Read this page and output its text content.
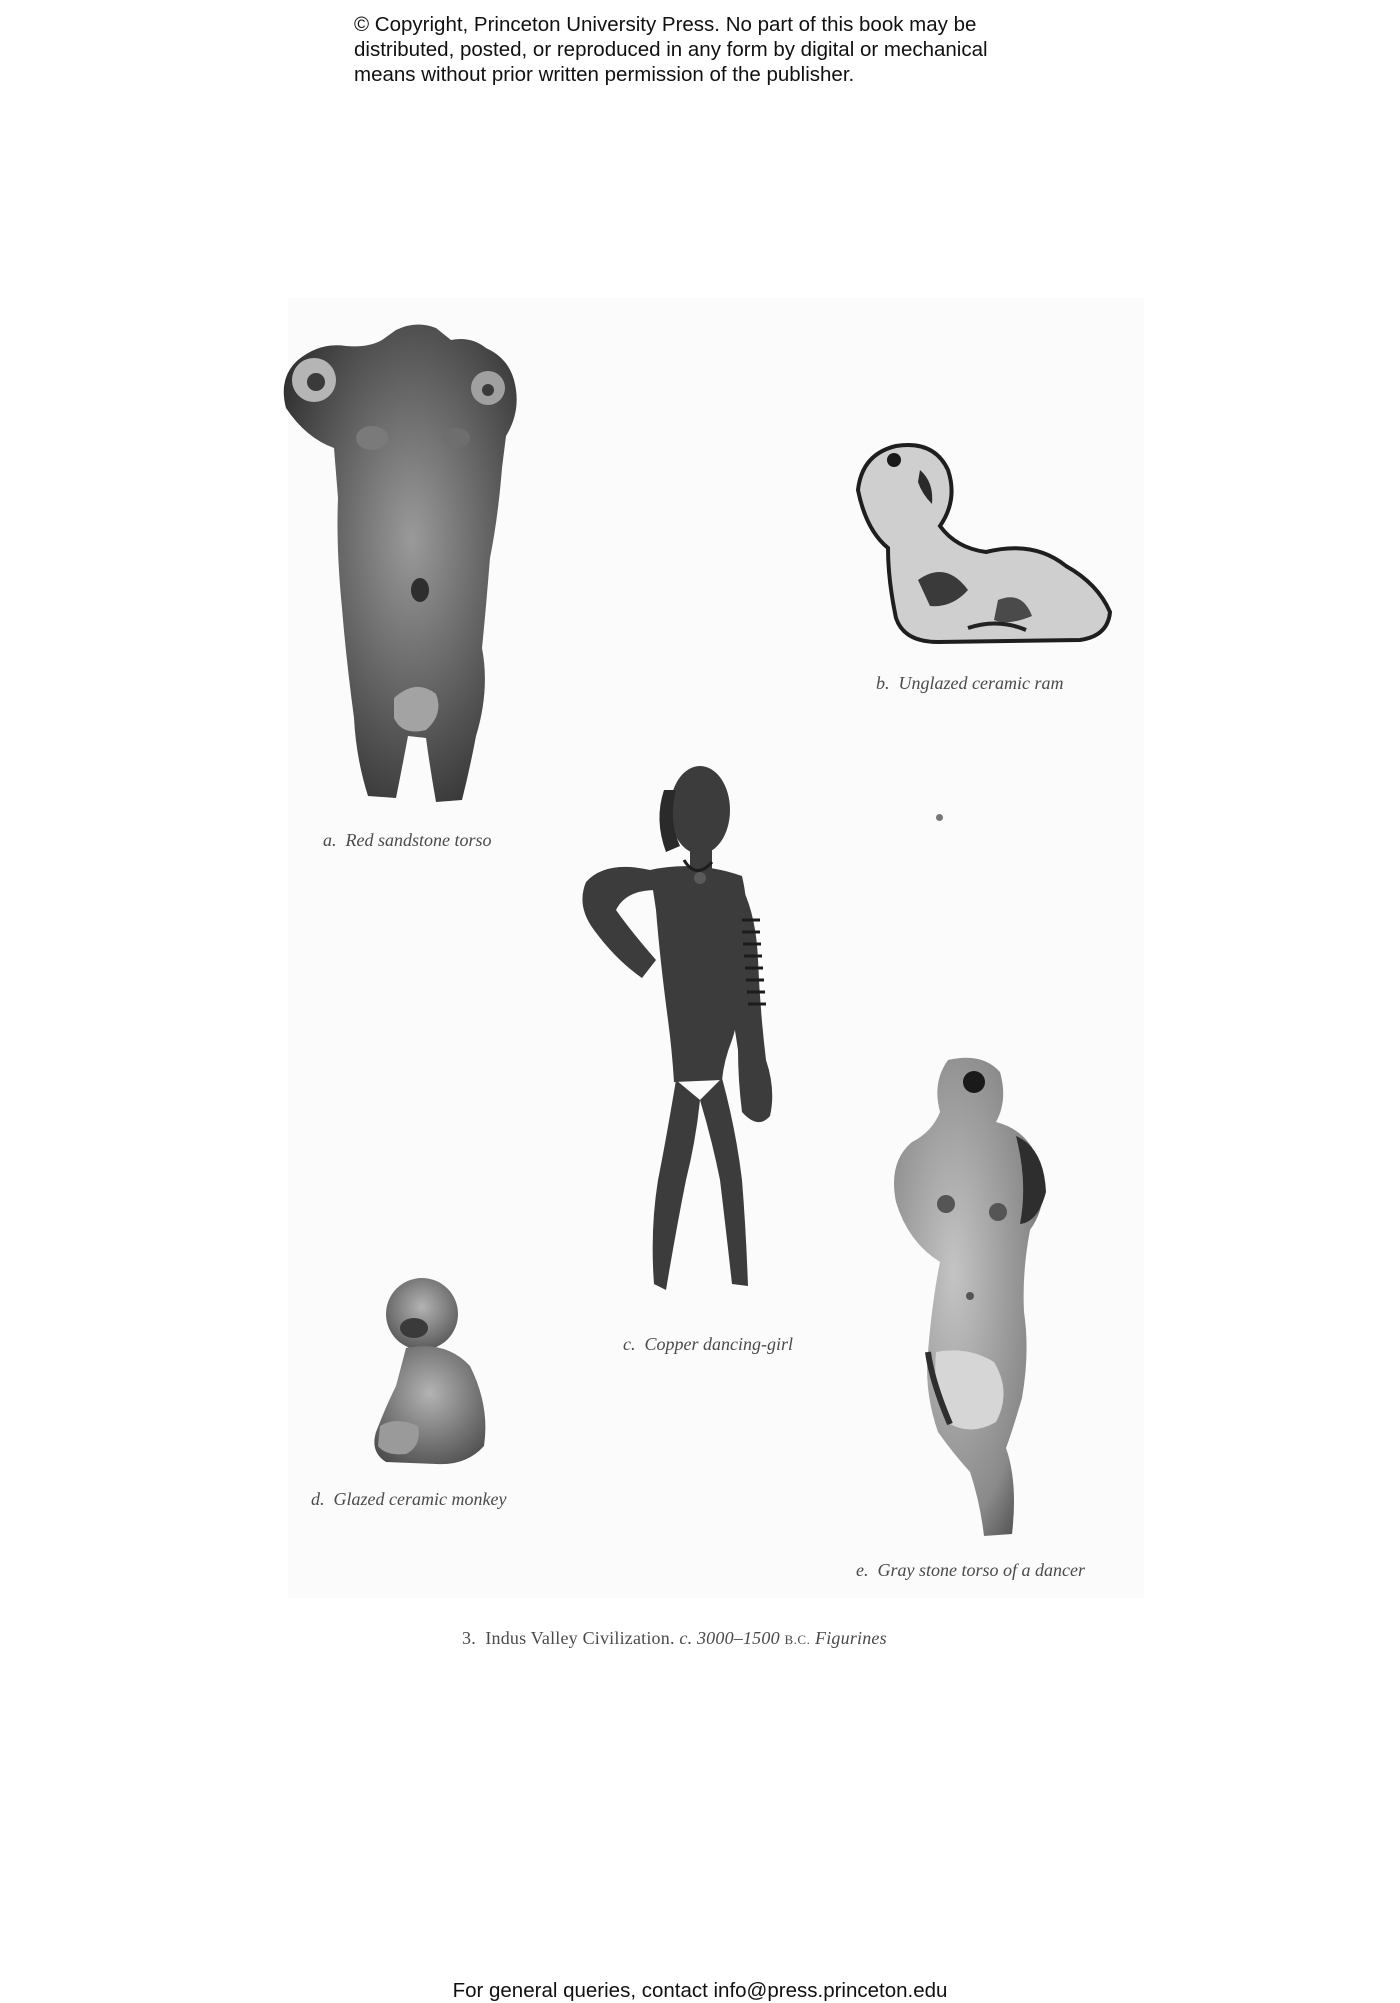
© Copyright, Princeton University Press. No part of this book may be
distributed, posted, or reproduced in any form by digital or mechanical
means without prior written permission of the publisher.
a. Red sandstone torso
b. Unglazed ceramic ram
c. Copper dancing-girl
d. Glazed ceramic monkey
e. Gray stone torso of a dancer
3. Indus Valley Civilization. c. 3000–1500 B.C. Figurines
For general queries, contact info@press.princeton.edu
